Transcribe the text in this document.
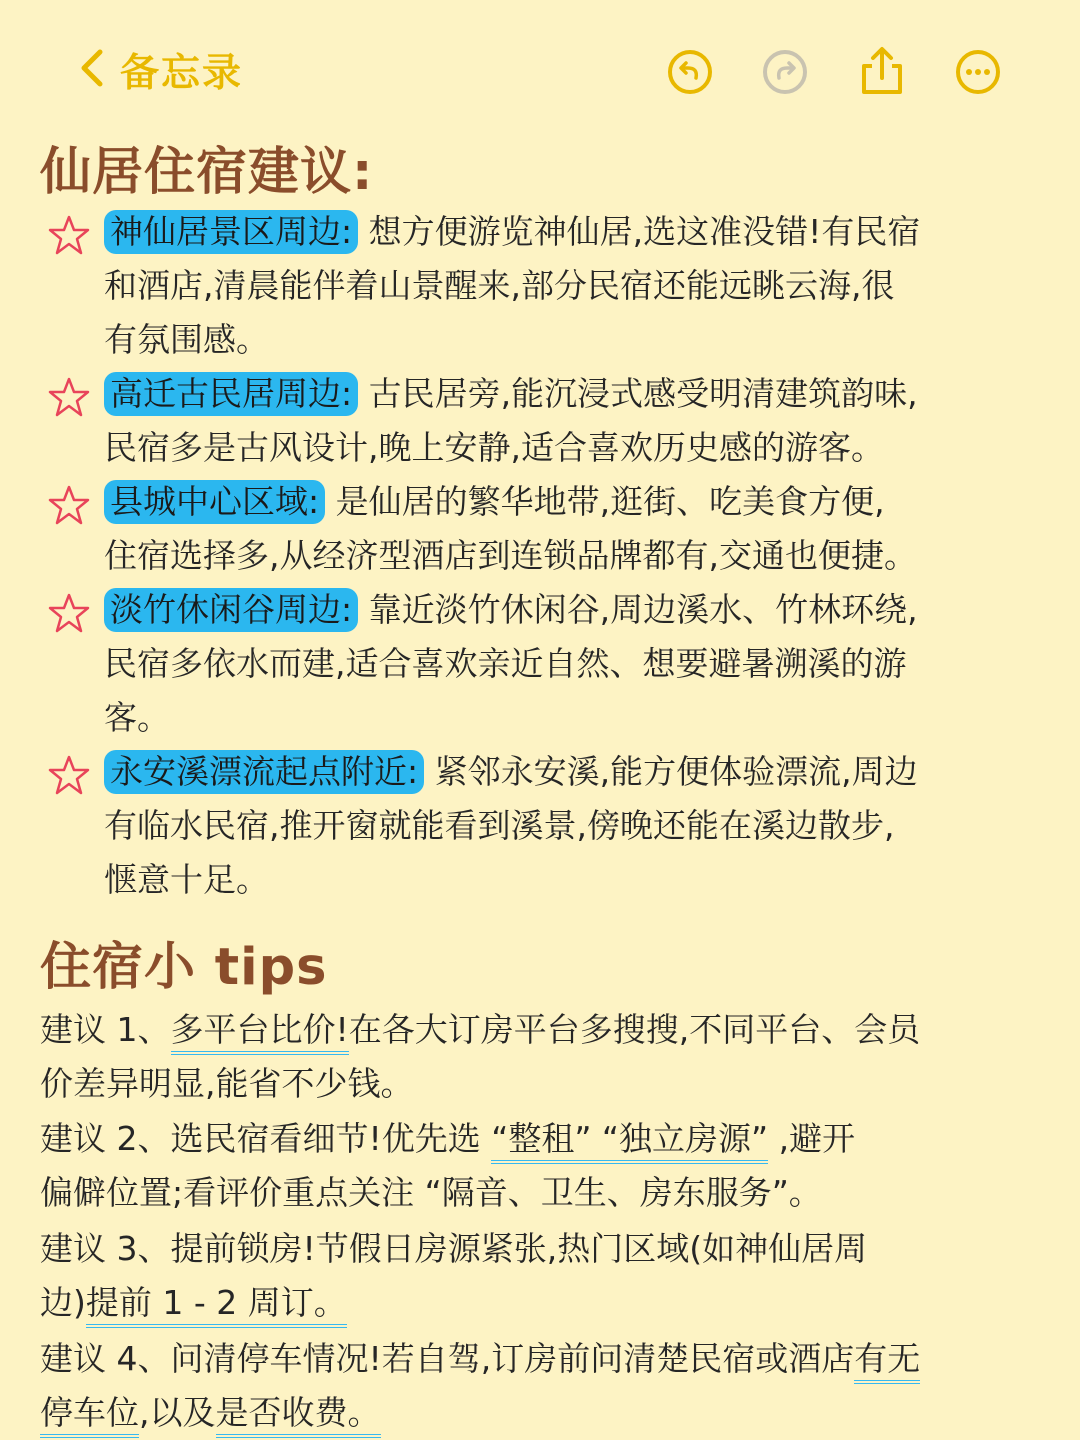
备忘录
仙居住宿建议:
神仙居景区周边: 想方便游览神仙居,选这准没错!有民宿
和酒店,清晨能伴着山景醒来,部分民宿还能远眺云海,很
有氛围感。
高迁古民居周边: 古民居旁,能沉浸式感受明清建筑韵味,
民宿多是古风设计,晚上安静,适合喜欢历史感的游客。
县城中心区域: 是仙居的繁华地带,逛街、吃美食方便,
住宿选择多,从经济型酒店到连锁品牌都有,交通也便捷。
淡竹休闲谷周边: 靠近淡竹休闲谷,周边溪水、竹林环绕,
民宿多依水而建,适合喜欢亲近自然、想要避暑溯溪的游
客。
永安溪漂流起点附近: 紧邻永安溪,能方便体验漂流,周边
有临水民宿,推开窗就能看到溪景,傍晚还能在溪边散步,
惬意十足。
住宿小 tips
建议 1、多平台比价!在各大订房平台多搜搜,不同平台、会员
价差异明显,能省不少钱。
建议 2、选民宿看细节!优先选 “整租” “独立房源” ,避开
偏僻位置;看评价重点关注 “隔音、卫生、房东服务”。
建议 3、提前锁房!节假日房源紧张,热门区域(如神仙居周
边)提前 1 - 2 周订。
建议 4、问清停车情况!若自驾,订房前问清楚民宿或酒店有无
停车位,以及是否收费。
